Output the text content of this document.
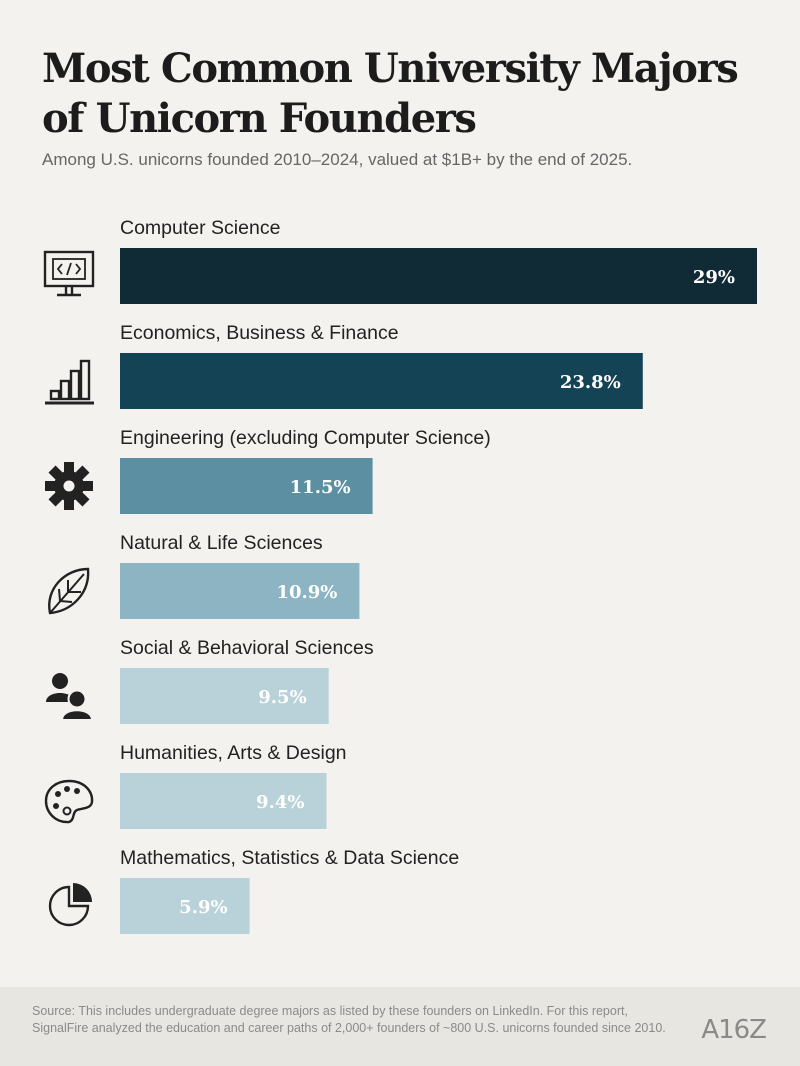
Most Common University Majors of Unicorn Founders

Among U.S. unicorns founded 2010–2024, valued at $1B+ by the end of 2025.

Computer Science
29%
Economics, Business & Finance
23.8%
Engineering (excluding Computer Science)
11.5%
Natural & Life Sciences
10.9%
Social & Behavioral Sciences
9.5%
Humanities, Arts & Design
9.4%
Mathematics, Statistics & Data Science
5.9%

Source: This includes undergraduate degree majors as listed by these founders on LinkedIn. For this report, SignalFire analyzed the education and career paths of 2,000+ founders of ~800 U.S. unicorns founded since 2010. A16Z
